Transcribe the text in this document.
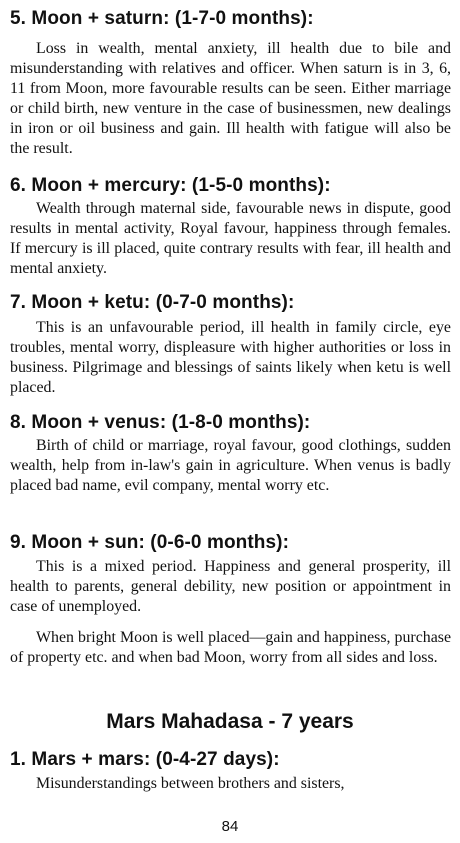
5. Moon + saturn: (1-7-0 months):

Loss in wealth, mental anxiety, ill health due to bile and misunderstanding with relatives and officer. When saturn is in 3, 6, 11 from Moon, more favourable results can be seen. Either marriage or child birth, new venture in the case of businessmen, new dealings in iron or oil business and gain. Ill health with fatigue will also be the result.

6. Moon + mercury: (1-5-0 months):

Wealth through maternal side, favourable news in dispute, good results in mental activity, Royal favour, happiness through females. If mercury is ill placed, quite contrary results with fear, ill health and mental anxiety.

7. Moon + ketu: (0-7-0 months):

This is an unfavourable period, ill health in family circle, eye troubles, mental worry, displeasure with higher authorities or loss in business. Pilgrimage and blessings of saints likely when ketu is well placed.

8. Moon + venus: (1-8-0 months):

Birth of child or marriage, royal favour, good clothings, sudden wealth, help from in-law's gain in agriculture. When venus is badly placed bad name, evil company, mental worry etc.

9. Moon + sun: (0-6-0 months):

This is a mixed period. Happiness and general prosperity, ill health to parents, general debility, new position or appointment in case of unemployed.

When bright Moon is well placed—gain and happiness, purchase of property etc. and when bad Moon, worry from all sides and loss.

Mars Mahadasa - 7 years
1. Mars + mars: (0-4-27 days):

Misunderstandings between brothers and sisters,

84
